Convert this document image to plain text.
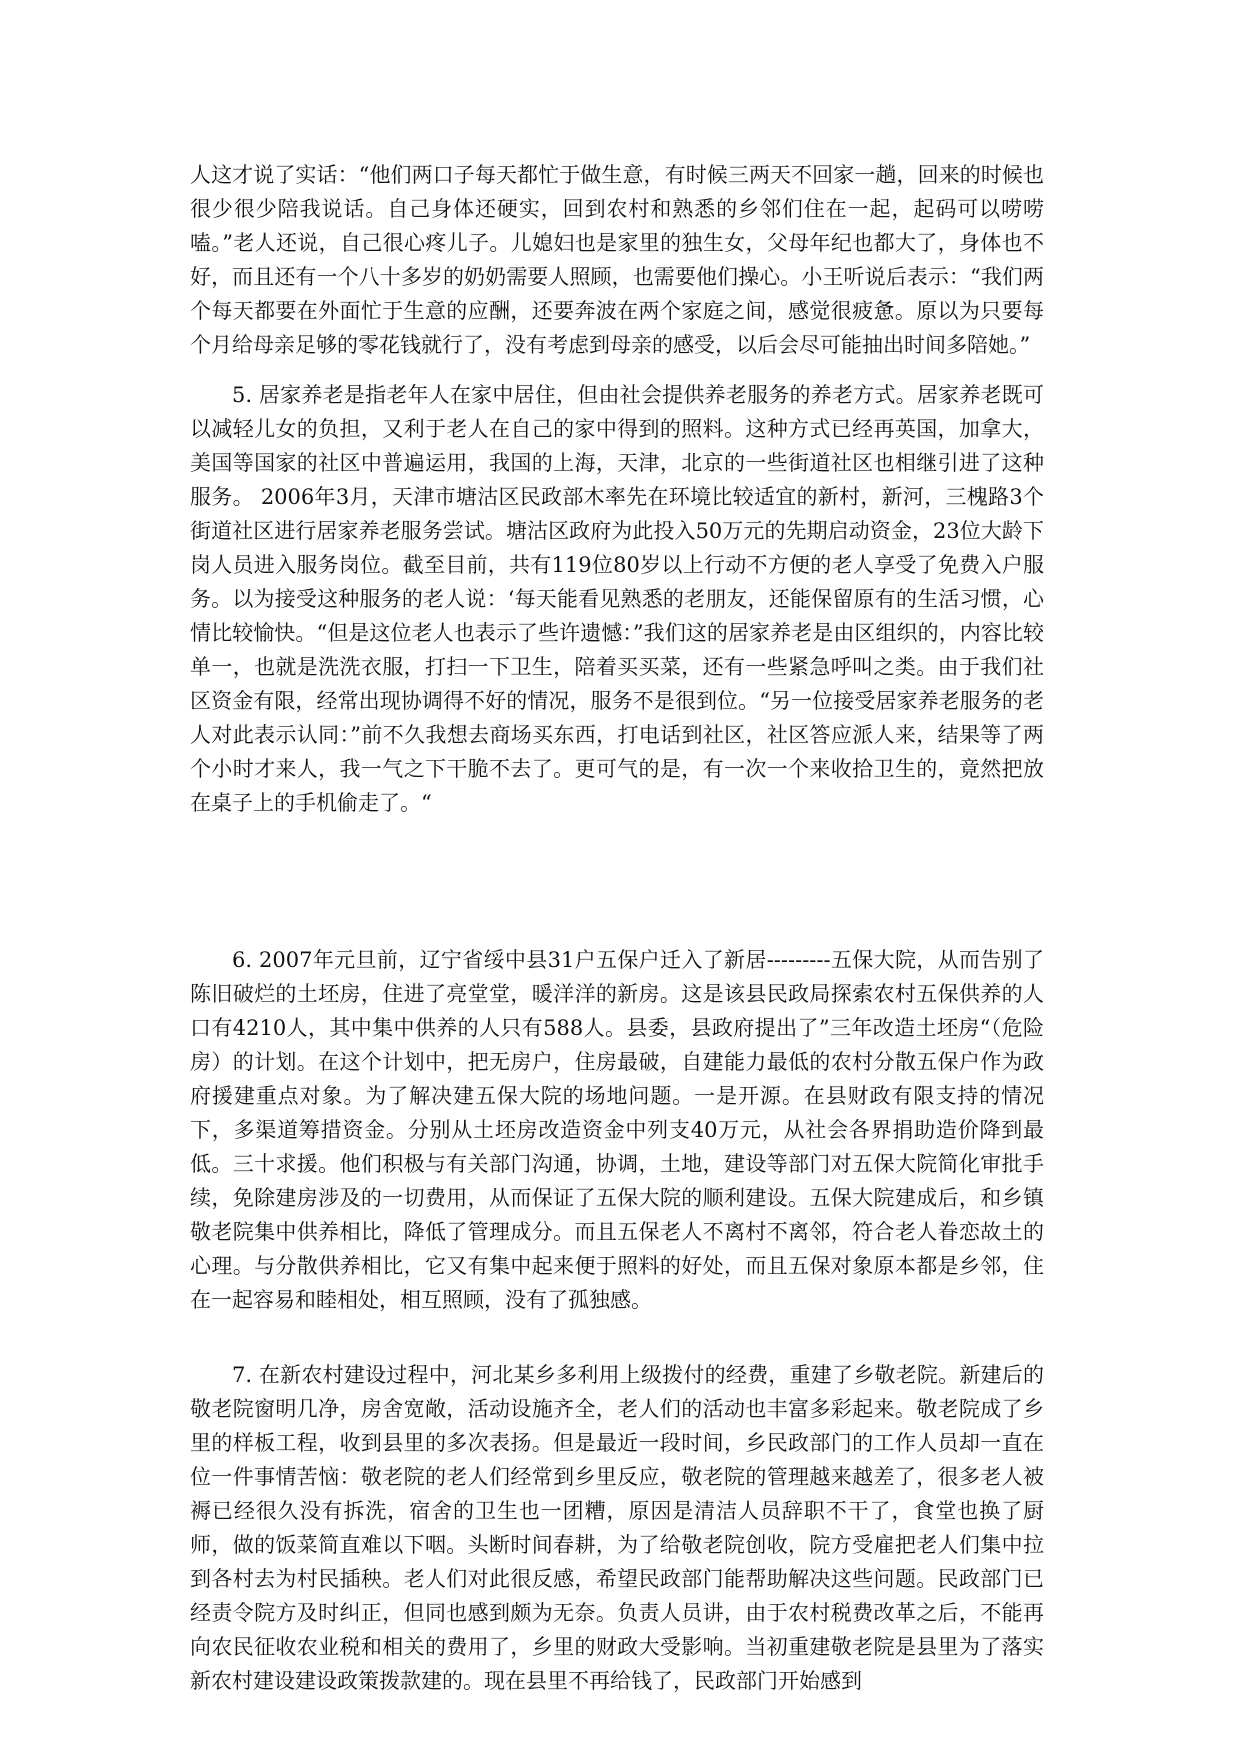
人这才说了实话：“他们两口子每天都忙于做生意，有时候三两天不回家一趟，回来的时候也很少很少陪我说话。自己身体还硬实，回到农村和熟悉的乡邻们住在一起，起码可以唠唠嗑。”老人还说，自己很心疼儿子。儿媳妇也是家里的独生女，父母年纪也都大了，身体也不好，而且还有一个八十多岁的奶奶需要人照顾，也需要他们操心。小王听说后表示：“我们两个每天都要在外面忙于生意的应酬，还要奔波在两个家庭之间，感觉很疲惫。原以为只要每个月给母亲足够的零花钱就行了，没有考虑到母亲的感受，以后会尽可能抽出时间多陪她。”

5. 居家养老是指老年人在家中居住，但由社会提供养老服务的养老方式。居家养老既可以减轻儿女的负担，又利于老人在自己的家中得到的照料。这种方式已经再英国，加拿大，美国等国家的社区中普遍运用，我国的上海，天津，北京的一些街道社区也相继引进了这种服务。 2006年3月，天津市塘沽区民政部木率先在环境比较适宜的新村，新河，三槐路3个街道社区进行居家养老服务尝试。塘沽区政府为此投入50万元的先期启动资金，23位大龄下岗人员进入服务岗位。截至目前，共有119位80岁以上行动不方便的老人享受了免费入户服务。以为接受这种服务的老人说：‘每天能看见熟悉的老朋友，还能保留原有的生活习惯，心情比较愉快。“但是这位老人也表示了些许遗憾：”我们这的居家养老是由区组织的，内容比较单一，也就是洗洗衣服，打扫一下卫生，陪着买买菜，还有一些紧急呼叫之类。由于我们社区资金有限，经常出现协调得不好的情况，服务不是很到位。“另一位接受居家养老服务的老人对此表示认同：”前不久我想去商场买东西，打电话到社区，社区答应派人来，结果等了两个小时才来人，我一气之下干脆不去了。更可气的是，有一次一个来收拾卫生的，竟然把放在桌子上的手机偷走了。“

6. 2007年元旦前，辽宁省绥中县31户五保户迁入了新居---------五保大院，从而告别了陈旧破烂的土坯房，住进了亮堂堂，暖洋洋的新房。这是该县民政局探索农村五保供养的人口有4210人，其中集中供养的人只有588人。县委，县政府提出了”三年改造土坯房“（危险房）的计划。在这个计划中，把无房户，住房最破，自建能力最低的农村分散五保户作为政府援建重点对象。为了解决建五保大院的场地问题。一是开源。在县财政有限支持的情况下，多渠道筹措资金。分别从土坯房改造资金中列支40万元，从社会各界捐助造价降到最低。三十求援。他们积极与有关部门沟通，协调，土地，建设等部门对五保大院简化审批手续，免除建房涉及的一切费用，从而保证了五保大院的顺利建设。五保大院建成后，和乡镇敬老院集中供养相比，降低了管理成分。而且五保老人不离村不离邻，符合老人眷恋故土的心理。与分散供养相比，它又有集中起来便于照料的好处，而且五保对象原本都是乡邻，住在一起容易和睦相处，相互照顾，没有了孤独感。

7. 在新农村建设过程中，河北某乡多利用上级拨付的经费，重建了乡敬老院。新建后的敬老院窗明几净，房舍宽敞，活动设施齐全，老人们的活动也丰富多彩起来。敬老院成了乡里的样板工程，收到县里的多次表扬。但是最近一段时间，乡民政部门的工作人员却一直在位一件事情苦恼：敬老院的老人们经常到乡里反应，敬老院的管理越来越差了，很多老人被褥已经很久没有拆洗，宿舍的卫生也一团糟，原因是清洁人员辞职不干了，食堂也换了厨师，做的饭菜简直难以下咽。头断时间春耕，为了给敬老院创收，院方受雇把老人们集中拉到各村去为村民插秧。老人们对此很反感，希望民政部门能帮助解决这些问题。民政部门已经责令院方及时纠正，但同也感到颇为无奈。负责人员讲，由于农村税费改革之后，不能再向农民征收农业税和相关的费用了，乡里的财政大受影响。当初重建敬老院是县里为了落实新农村建设建设政策拨款建的。现在县里不再给钱了，民政部门开始感到
